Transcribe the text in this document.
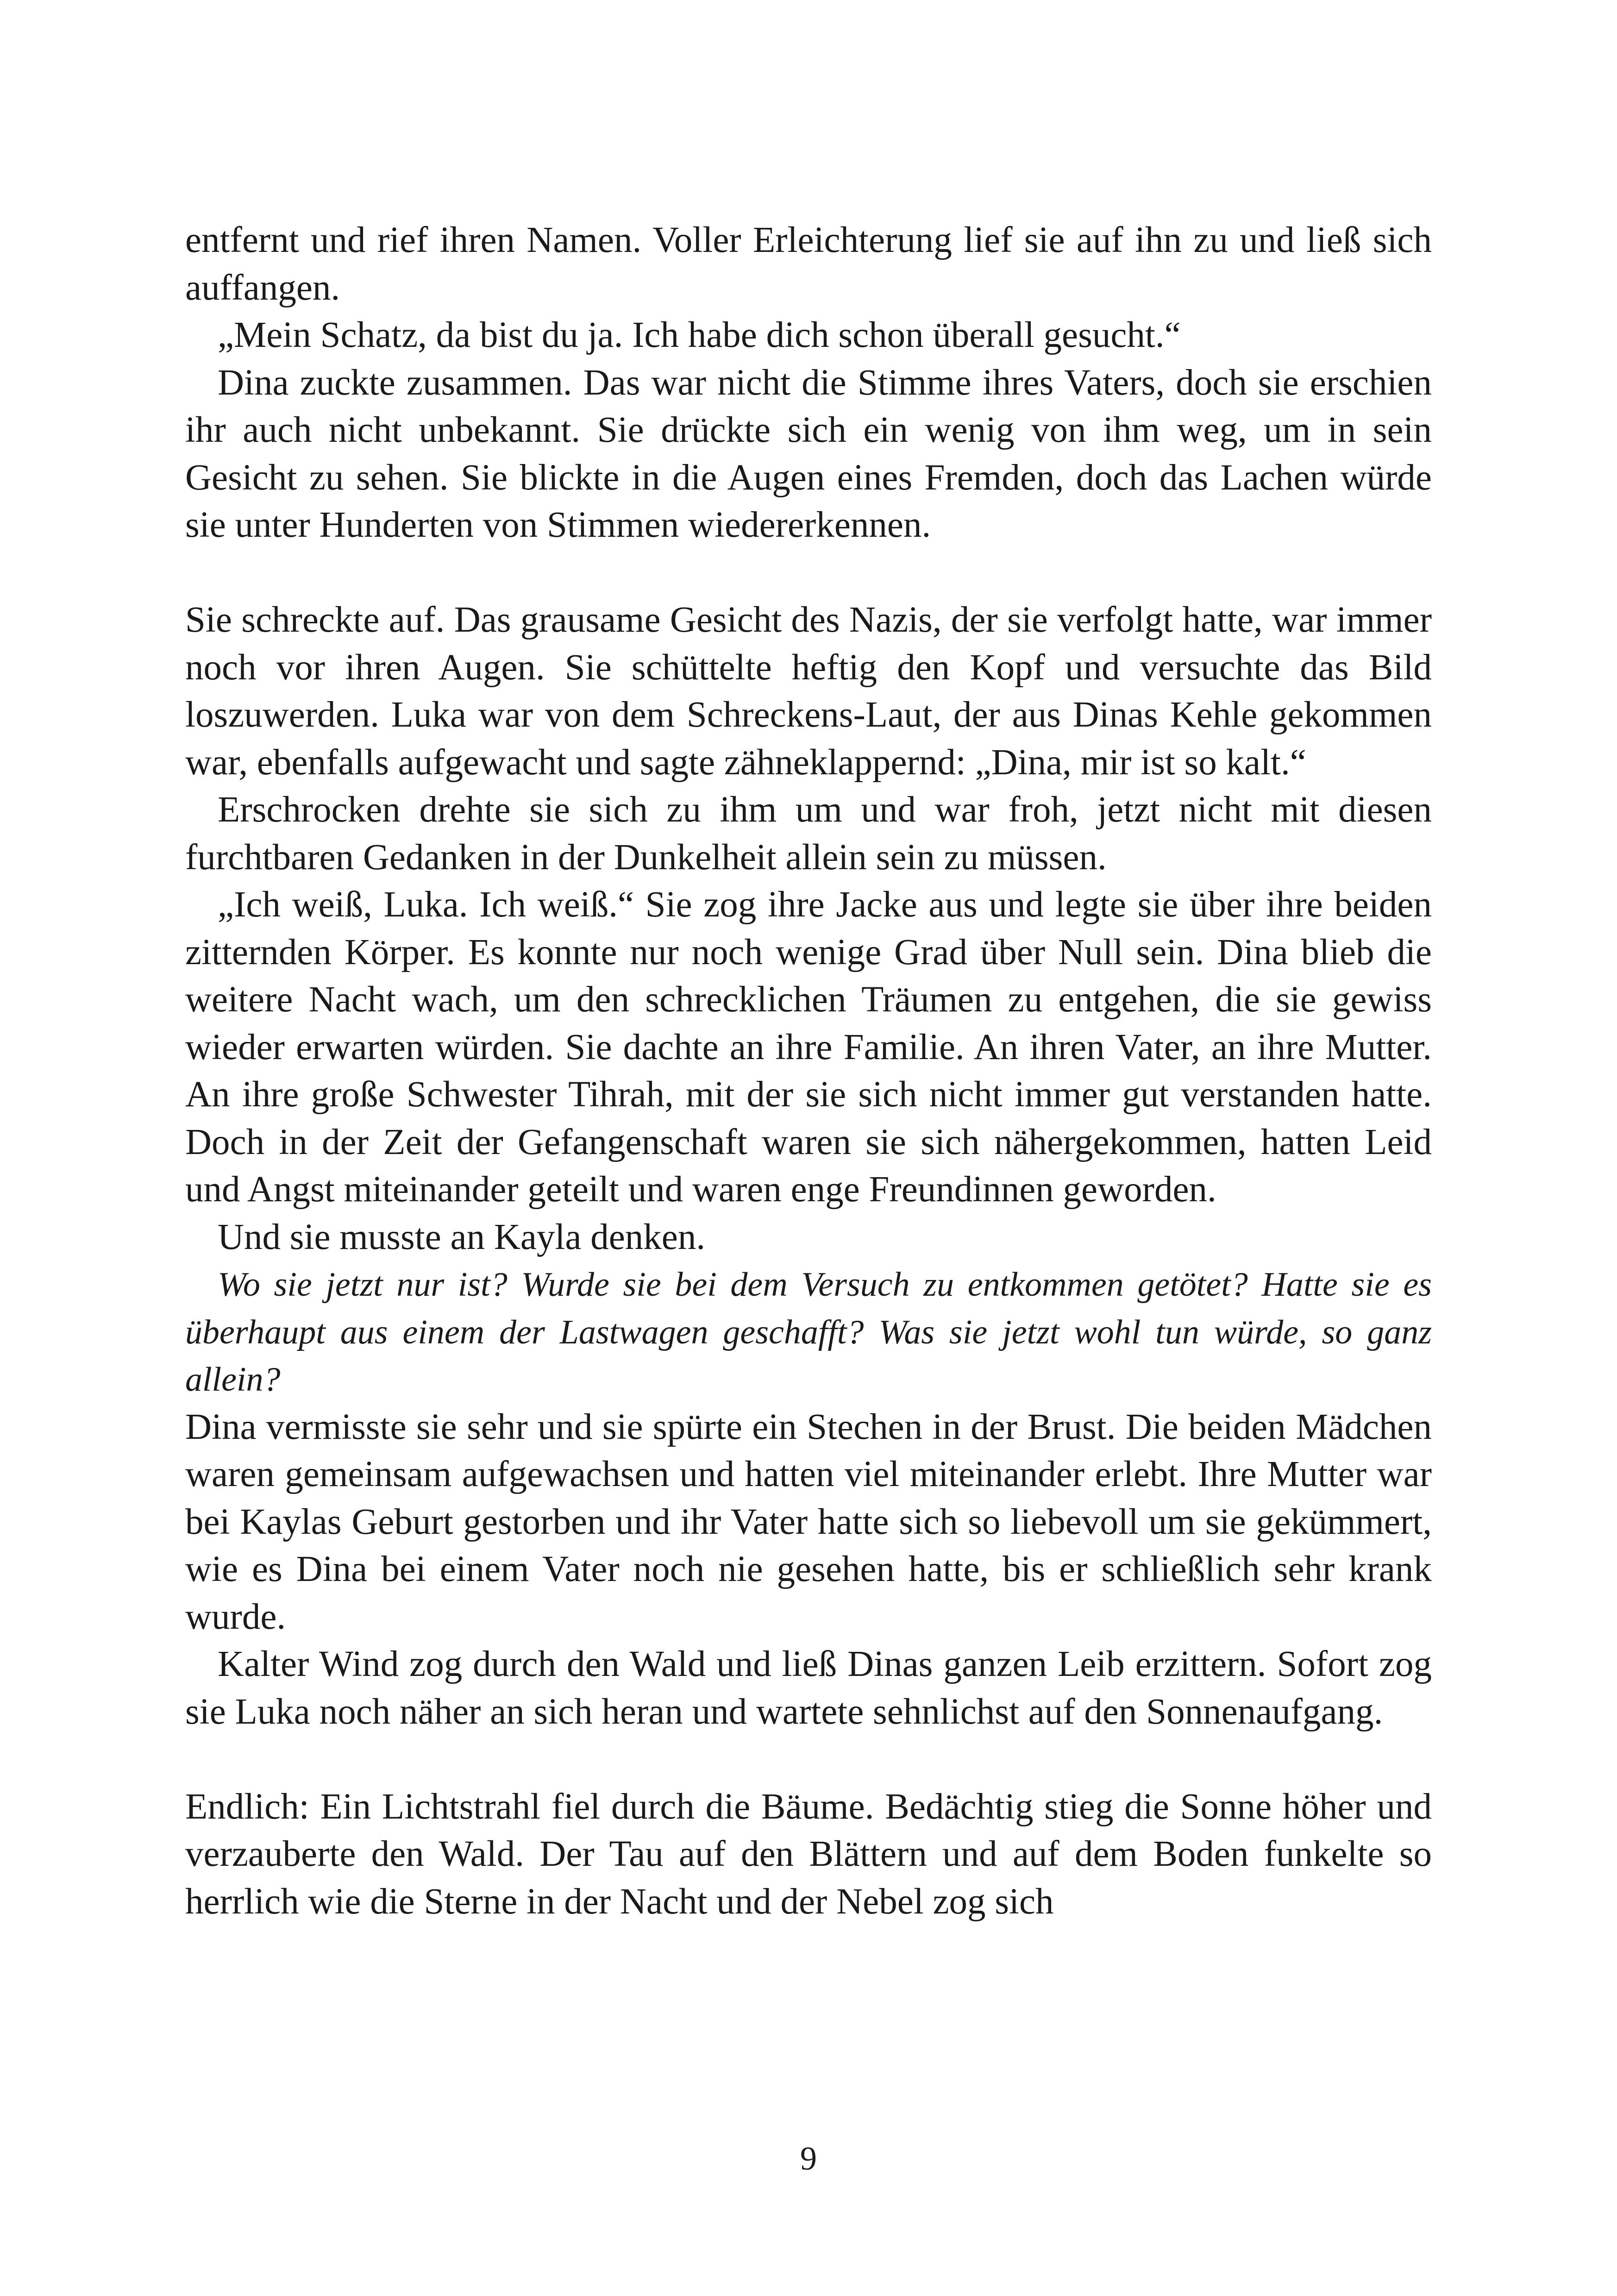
entfernt und rief ihren Namen. Voller Erleichterung lief sie auf ihn zu und ließ sich auffangen.

„Mein Schatz, da bist du ja. Ich habe dich schon überall gesucht.“

Dina zuckte zusammen. Das war nicht die Stimme ihres Vaters, doch sie erschien ihr auch nicht unbekannt. Sie drückte sich ein wenig von ihm weg, um in sein Gesicht zu sehen. Sie blickte in die Augen eines Fremden, doch das Lachen würde sie unter Hunderten von Stimmen wiedererkennen.

Sie schreckte auf. Das grausame Gesicht des Nazis, der sie verfolgt hatte, war immer noch vor ihren Augen. Sie schüttelte heftig den Kopf und versuchte das Bild loszuwerden. Luka war von dem Schreckens-Laut, der aus Dinas Kehle gekommen war, ebenfalls aufgewacht und sagte zähneklappernd: „Dina, mir ist so kalt.“

Erschrocken drehte sie sich zu ihm um und war froh, jetzt nicht mit diesen furchtbaren Gedanken in der Dunkelheit allein sein zu müssen.

„Ich weiß, Luka. Ich weiß.“ Sie zog ihre Jacke aus und legte sie über ihre beiden zitternden Körper. Es konnte nur noch wenige Grad über Null sein. Dina blieb die weitere Nacht wach, um den schrecklichen Träumen zu entgehen, die sie gewiss wieder erwarten würden. Sie dachte an ihre Familie. An ihren Vater, an ihre Mutter. An ihre große Schwester Tihrah, mit der sie sich nicht immer gut verstanden hatte. Doch in der Zeit der Gefangenschaft waren sie sich nähergekommen, hatten Leid und Angst miteinander geteilt und waren enge Freundinnen geworden.

Und sie musste an Kayla denken.

Wo sie jetzt nur ist? Wurde sie bei dem Versuch zu entkommen getötet? Hatte sie es überhaupt aus einem der Lastwagen geschafft? Was sie jetzt wohl tun würde, so ganz allein?

Dina vermisste sie sehr und sie spürte ein Stechen in der Brust. Die beiden Mädchen waren gemeinsam aufgewachsen und hatten viel miteinander erlebt. Ihre Mutter war bei Kaylas Geburt gestorben und ihr Vater hatte sich so liebevoll um sie gekümmert, wie es Dina bei einem Vater noch nie gesehen hatte, bis er schließlich sehr krank wurde.

Kalter Wind zog durch den Wald und ließ Dinas ganzen Leib erzittern. Sofort zog sie Luka noch näher an sich heran und wartete sehnlichst auf den Sonnenaufgang.

Endlich: Ein Lichtstrahl fiel durch die Bäume. Bedächtig stieg die Sonne höher und verzauberte den Wald. Der Tau auf den Blättern und auf dem Boden funkelte so herrlich wie die Sterne in der Nacht und der Nebel zog sich

9
